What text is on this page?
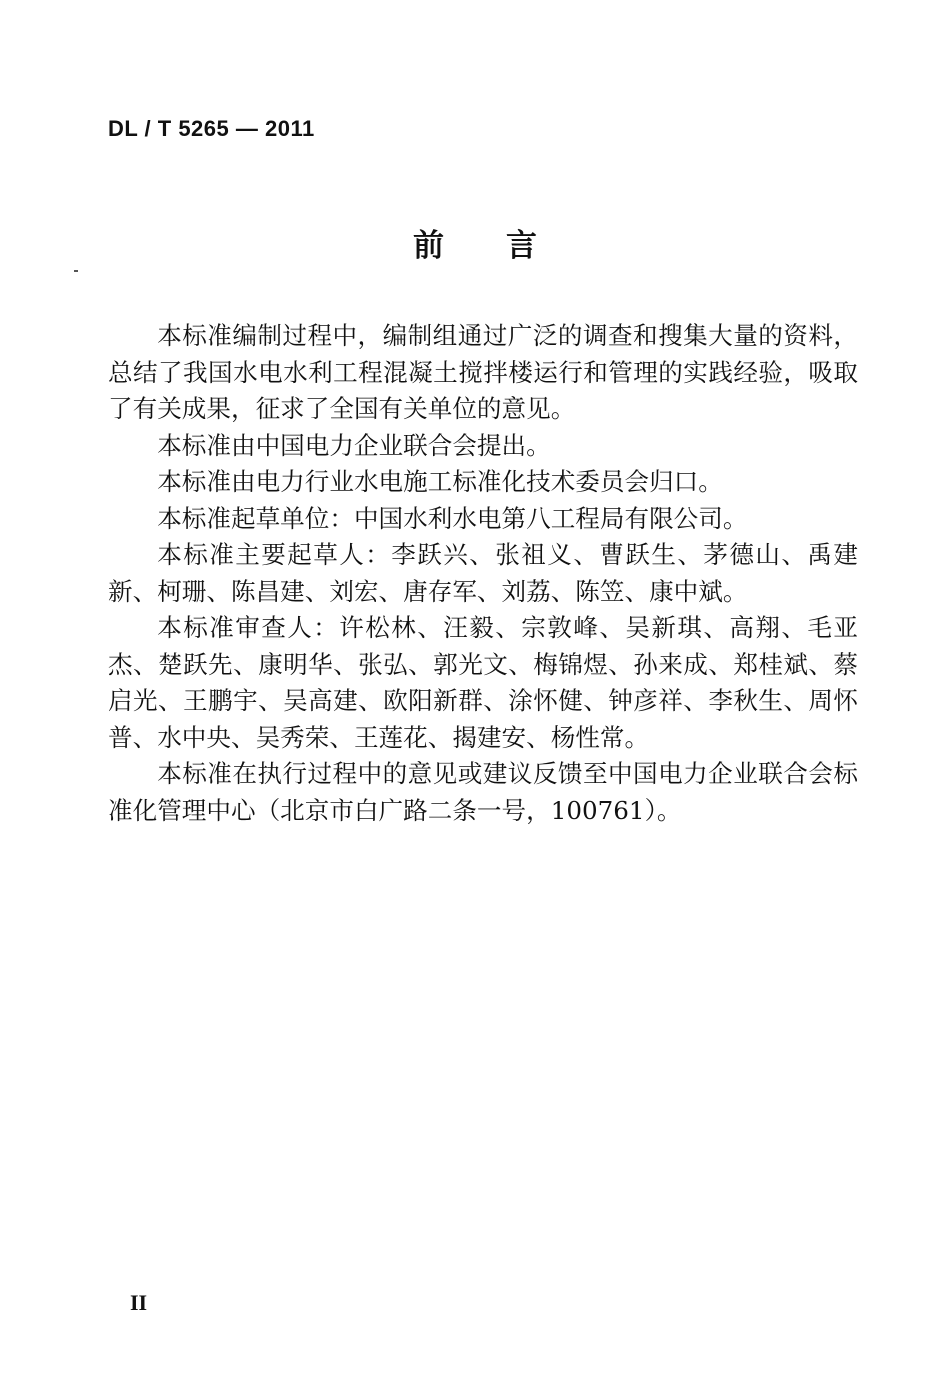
DL / T 5265 — 2011
前言

本标准编制过程中，编制组通过广泛的调查和搜集大量的资料，总结了我国水电水利工程混凝土搅拌楼运行和管理的实践经验，吸取了有关成果，征求了全国有关单位的意见。

本标准由中国电力企业联合会提出。

本标准由电力行业水电施工标准化技术委员会归口。

本标准起草单位：中国水利水电第八工程局有限公司。

本标准主要起草人：李跃兴、张祖义、曹跃生、茅德山、禹建新、柯珊、陈昌建、刘宏、唐存军、刘荔、陈笠、康中斌。

本标准审查人：许松林、汪毅、宗敦峰、吴新琪、高翔、毛亚杰、楚跃先、康明华、张弘、郭光文、梅锦煜、孙来成、郑桂斌、蔡启光、王鹏宇、吴高建、欧阳新群、涂怀健、钟彦祥、李秋生、周怀普、水中央、吴秀荣、王莲花、揭建安、杨性常。

本标准在执行过程中的意见或建议反馈至中国电力企业联合会标准化管理中心（北京市白广路二条一号，100761）。

II
